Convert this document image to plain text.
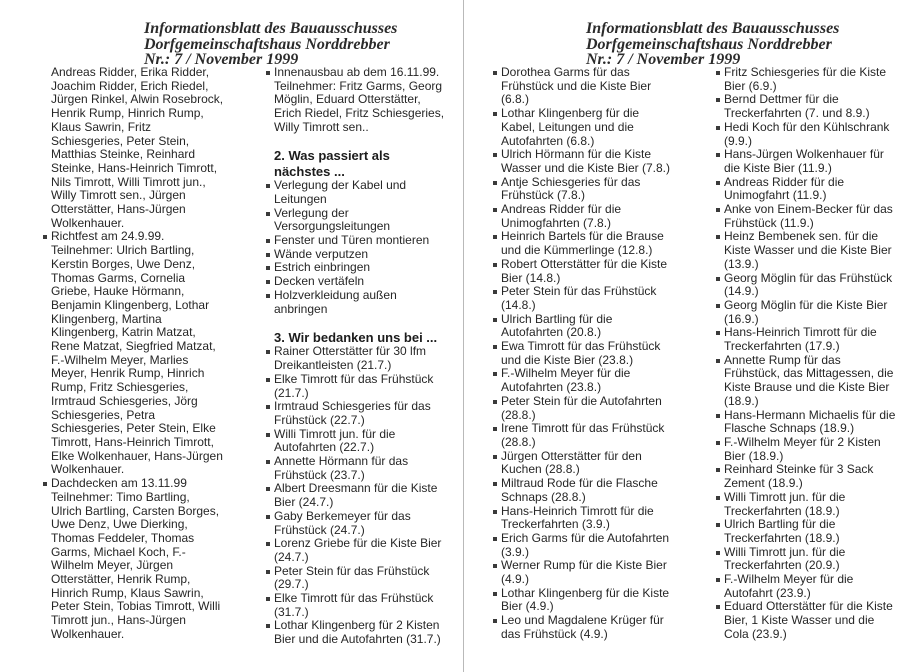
Informationsblatt des Bauausschusses
Dorfgemeinschaftshaus Norddrebber
Nr.: 7 / November 1999
Andreas Ridder, Erika Ridder,
Joachim Ridder, Erich Riedel,
Jürgen Rinkel, Alwin Rosebrock,
Henrik Rump, Hinrich Rump,
Klaus Sawrin, Fritz
Schiesgeries, Peter Stein,
Matthias Steinke, Reinhard
Steinke, Hans-Heinrich Timrott,
Nils Timrott, Willi Timrott jun.,
Willy Timrott sen., Jürgen
Otterstätter, Hans-Jürgen
Wolkenhauer.
Richtfest am 24.9.99.
Teilnehmer: Ulrich Bartling,
Kerstin Borges, Uwe Denz,
Thomas Garms, Cornelia
Griebe, Hauke Hörmann,
Benjamin Klingenberg, Lothar
Klingenberg, Martina
Klingenberg, Katrin Matzat,
Rene Matzat, Siegfried Matzat,
F.-Wilhelm Meyer, Marlies
Meyer, Henrik Rump, Hinrich
Rump, Fritz Schiesgeries,
Irmtraud Schiesgeries, Jörg
Schiesgeries, Petra
Schiesgeries, Peter Stein, Elke
Timrott, Hans-Heinrich Timrott,
Elke Wolkenhauer, Hans-Jürgen
Wolkenhauer.
Dachdecken am 13.11.99
Teilnehmer: Timo Bartling,
Ulrich Bartling, Carsten Borges,
Uwe Denz, Uwe Dierking,
Thomas Feddeler, Thomas
Garms, Michael Koch, F.-
Wilhelm Meyer, Jürgen
Otterstätter, Henrik Rump,
Hinrich Rump, Klaus Sawrin,
Peter Stein, Tobias Timrott, Willi
Timrott jun., Hans-Jürgen
Wolkenhauer.
Innenausbau ab dem 16.11.99.
Teilnehmer: Fritz Garms, Georg
Möglin, Eduard Otterstätter,
Erich Riedel, Fritz Schiesgeries,
Willy Timrott sen..
2. Was passiert als
nächstes ...
Verlegung der Kabel und
Leitungen
Verlegung der
Versorgungsleitungen
Fenster und Türen montieren
Wände verputzen
Estrich einbringen
Decken vertäfeln
Holzverkleidung außen
anbringen
3. Wir bedanken uns bei ...
Rainer Otterstätter für 30 lfm
Dreikantleisten (21.7.)
Elke Timrott für das Frühstück
(21.7.)
Irmtraud Schiesgeries für das
Frühstück (22.7.)
Willi Timrott jun. für die
Autofahrten (22.7.)
Annette Hörmann für das
Frühstück (23.7.)
Albert Dreesmann für die Kiste
Bier (24.7.)
Gaby Berkemeyer für das
Frühstück (24.7.)
Lorenz Griebe für die Kiste Bier
(24.7.)
Peter Stein für das Frühstück
(29.7.)
Elke Timrott für das Frühstück
(31.7.)
Lothar Klingenberg für 2 Kisten
Bier und die Autofahrten (31.7.)
Informationsblatt des Bauausschusses
Dorfgemeinschaftshaus Norddrebber
Nr.: 7 / November 1999
Dorothea Garms für das
Frühstück und die Kiste Bier
(6.8.)
Lothar Klingenberg für die
Kabel, Leitungen und die
Autofahrten (6.8.)
Ulrich Hörmann für die Kiste
Wasser und die Kiste Bier (7.8.)
Antje Schiesgeries für das
Frühstück (7.8.)
Andreas Ridder für die
Unimogfahrten (7.8.)
Heinrich Bartels für die Brause
und die Kümmerlinge (12.8.)
Robert Otterstätter für die Kiste
Bier (14.8.)
Peter Stein für das Frühstück
(14.8.)
Ulrich Bartling für die
Autofahrten (20.8.)
Ewa Timrott für das Frühstück
und die Kiste Bier (23.8.)
F.-Wilhelm Meyer für die
Autofahrten (23.8.)
Peter Stein für die Autofahrten
(28.8.)
Irene Timrott für das Frühstück
(28.8.)
Jürgen Otterstätter für den
Kuchen (28.8.)
Miltraud Rode für die Flasche
Schnaps (28.8.)
Hans-Heinrich Timrott für die
Treckerfahrten (3.9.)
Erich Garms für die Autofahrten
(3.9.)
Werner Rump für die Kiste Bier
(4.9.)
Lothar Klingenberg für die Kiste
Bier (4.9.)
Leo und Magdalene Krüger für
das Frühstück (4.9.)
Fritz Schiesgeries für die Kiste
Bier (6.9.)
Bernd Dettmer für die
Treckerfahrten (7. und 8.9.)
Hedi Koch für den Kühlschrank
(9.9.)
Hans-Jürgen Wolkenhauer für
die Kiste Bier (11.9.)
Andreas Ridder für die
Unimogfahrt (11.9.)
Anke von Einem-Becker für das
Frühstück (11.9.)
Heinz Bembenek sen. für die
Kiste Wasser und die Kiste Bier
(13.9.)
Georg Möglin für das Frühstück
(14.9.)
Georg Möglin für die Kiste Bier
(16.9.)
Hans-Heinrich Timrott für die
Treckerfahrten (17.9.)
Annette Rump für das
Frühstück, das Mittagessen, die
Kiste Brause und die Kiste Bier
(18.9.)
Hans-Hermann Michaelis für die
Flasche Schnaps (18.9.)
F.-Wilhelm Meyer für 2 Kisten
Bier (18.9.)
Reinhard Steinke für 3 Sack
Zement (18.9.)
Willi Timrott jun. für die
Treckerfahrten (18.9.)
Ulrich Bartling für die
Treckerfahrten (18.9.)
Willi Timrott jun. für die
Treckerfahrten (20.9.)
F.-Wilhelm Meyer für die
Autofahrt (23.9.)
Eduard Otterstätter für die Kiste
Bier, 1 Kiste Wasser und die
Cola (23.9.)
